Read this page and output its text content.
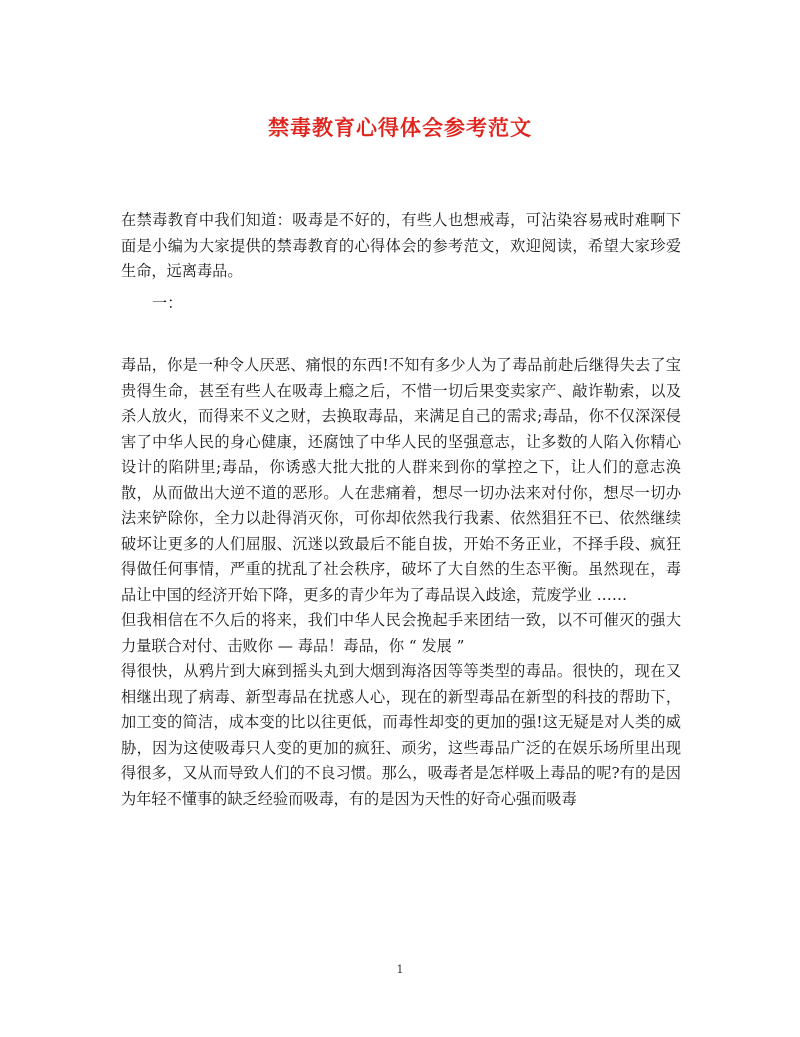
禁毒教育心得体会参考范文

在禁毒教育中我们知道：吸毒是不好的，有些人也想戒毒，可沾染容易戒时难啊下面是小编为大家提供的禁毒教育的心得体会的参考范文，欢迎阅读，希望大家珍爱生命，远离毒品。

一：

毒品，你是一种令人厌恶、痛恨的东西!不知有多少人为了毒品前赴后继得失去了宝贵得生命，甚至有些人在吸毒上瘾之后，不惜一切后果变卖家产、敲诈勒索，以及杀人放火，而得来不义之财，去换取毒品，来满足自己的需求;毒品，你不仅深深侵害了中华人民的身心健康，还腐蚀了中华人民的坚强意志，让多数的人陷入你精心设计的陷阱里;毒品，你诱惑大批大批的人群来到你的掌控之下，让人们的意志涣散，从而做出大逆不道的恶形。人在悲痛着，想尽一切办法来对付你，想尽一切办法来铲除你，全力以赴得消灭你，可你却依然我行我素、依然猖狂不已、依然继续破坏让更多的人们屈服、沉迷以致最后不能自拔，开始不务正业，不择手段、疯狂得做任何事情，严重的扰乱了社会秩序，破坏了大自然的生态平衡。虽然现在，毒品让中国的经济开始下降，更多的青少年为了毒品误入歧途，荒废学业 ……

但我相信在不久后的将来，我们中华人民会挽起手来团结一致，以不可催灭的强大力量联合对付、击败你 — 毒品！毒品，你 “ 发展 ”

得很快，从鸦片到大麻到摇头丸到大烟到海洛因等等类型的毒品。很快的，现在又相继出现了病毒、新型毒品在扰惑人心，现在的新型毒品在新型的科技的帮助下，加工变的简洁，成本变的比以往更低，而毒性却变的更加的强!这无疑是对人类的威胁，因为这使吸毒只人变的更加的疯狂、顽劣，这些毒品广泛的在娱乐场所里出现得很多，又从而导致人们的不良习惯。那么，吸毒者是怎样吸上毒品的呢?有的是因为年轻不懂事的缺乏经验而吸毒，有的是因为天性的好奇心强而吸毒

1
